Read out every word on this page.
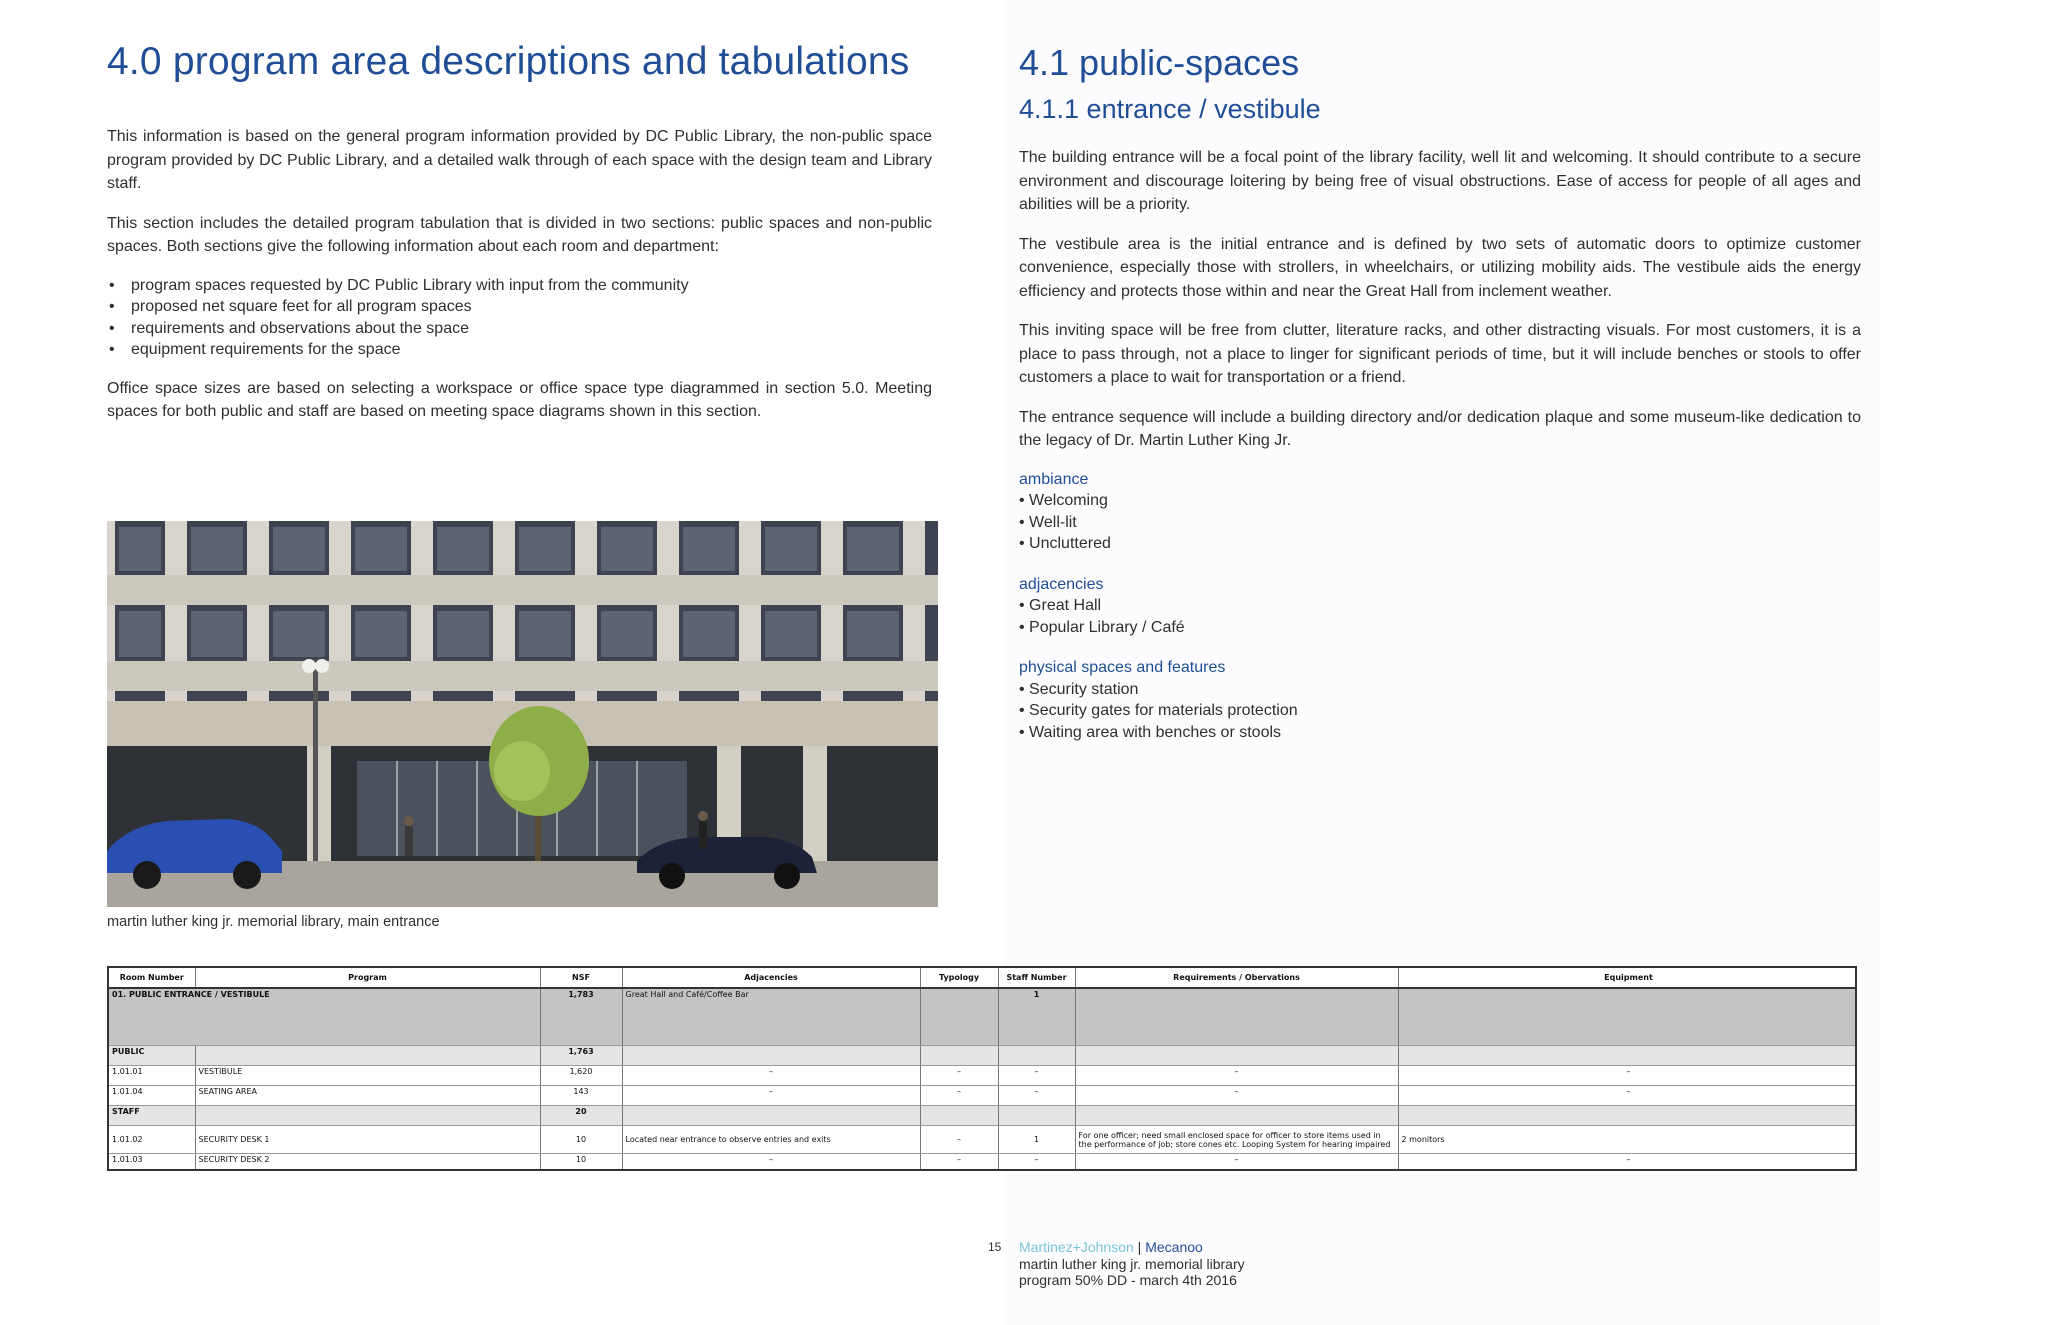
4.0 program area descriptions and tabulations

This information is based on the general program information provided by DC Public Library, the non-public space program provided by DC Public Library, and a detailed walk through of each space with the design team and Library staff.

This section includes the detailed program tabulation that is divided in two sections: public spaces and non-public spaces. Both sections give the following information about each room and department:

• program spaces requested by DC Public Library with input from the community
• proposed net square feet for all program spaces
• requirements and observations about the space
• equipment requirements for the space

Office space sizes are based on selecting a workspace or office space type diagrammed in section 5.0. Meeting spaces for both public and staff are based on meeting space diagrams shown in this section.

martin luther king jr. memorial library, main entrance
4.1 public-spaces
4.1.1 entrance / vestibule

The building entrance will be a focal point of the library facility, well lit and welcoming. It should contribute to a secure environment and discourage loitering by being free of visual obstructions. Ease of access for people of all ages and abilities will be a priority.

The vestibule area is the initial entrance and is defined by two sets of automatic doors to optimize customer convenience, especially those with strollers, in wheelchairs, or utilizing mobility aids. The vestibule aids the energy efficiency and protects those within and near the Great Hall from inclement weather.

This inviting space will be free from clutter, literature racks, and other distracting visuals. For most customers, it is a place to pass through, not a place to linger for significant periods of time, but it will include benches or stools to offer customers a place to wait for transportation or a friend.

The entrance sequence will include a building directory and/or dedication plaque and some museum-like dedication to the legacy of Dr. Martin Luther King Jr.

ambiance
• Welcoming
• Well-lit
• Uncluttered
adjacencies
• Great Hall
• Popular Library / Café
physical spaces and features
• Security station
• Security gates for materials protection
• Waiting area with benches or stools
Room Number	Program	NSF	Adjacencies	Typology	Staff Number	Requirements / Obervations	Equipment
01. PUBLIC ENTRANCE / VESTIBULE		1,783	Great Hall and Café/Coffee Bar		1		
PUBLIC		1,763					
1.01.01	VESTIBULE	1,620	–	–	–	–	–
1.01.04	SEATING AREA	143	–	–	–	–	–
STAFF		20					
1.01.02	SECURITY DESK 1	10	Located near entrance to observe entries and exits	–	1	For one officer; need small enclosed space for officer to store items used in the performance of job; store cones etc. Looping System for hearing impaired	2 monitors
1.01.03	SECURITY DESK 2	10	–	–	–	–	–
15	Martinez+Johnson | Mecanoo
martin luther king jr. memorial library
program 50% DD - march 4th 2016
